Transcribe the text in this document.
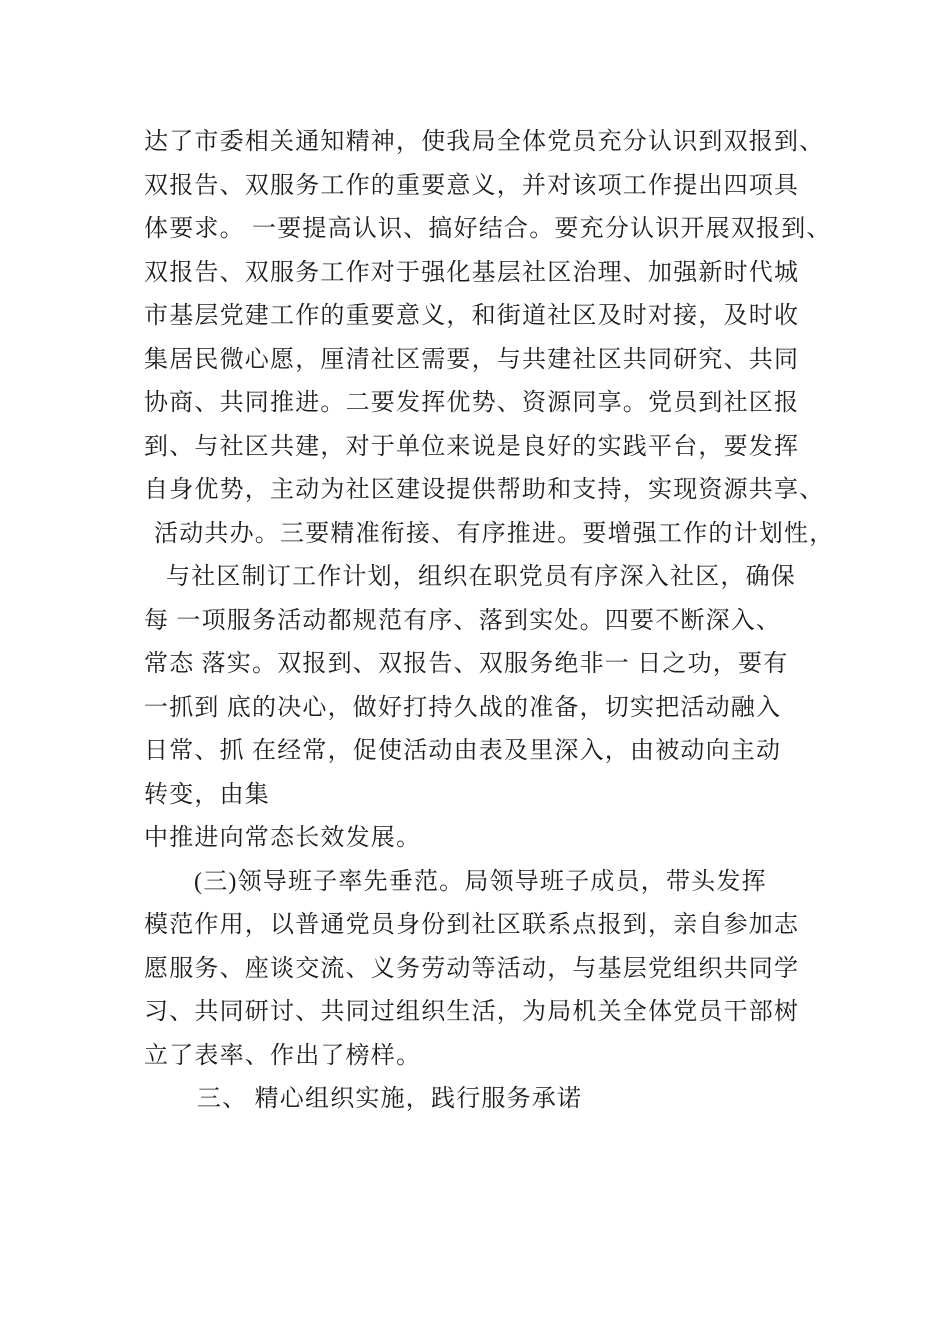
达了市委相关通知精神，使我局全体党员充分认识到双报到、
双报告、双服务工作的重要意义，并对该项工作提出四项具
体要求。 一要提高认识、搞好结合。要充分认识开展双报到、
双报告、双服务工作对于强化基层社区治理、加强新时代城
市基层党建工作的重要意义，和街道社区及时对接，及时收
集居民微心愿，厘清社区需要，与共建社区共同研究、共同
协商、共同推进。二要发挥优势、资源同享。党员到社区报
到、与社区共建，对于单位来说是良好的实践平台，要发挥
自身优势，主动为社区建设提供帮助和支持，实现资源共享、
活动共办。三要精准衔接、有序推进。要增强工作的计划性，
与社区制订工作计划，组织在职党员有序深入社区，确保
每 一项服务活动都规范有序、落到实处。四要不断深入、
常态 落实。双报到、双报告、双服务绝非一 日之功，要有
一抓到 底的决心，做好打持久战的准备，切实把活动融入
日常、抓 在经常，促使活动由表及里深入，由被动向主动
转变，由集
中推进向常态长效发展。
(三)领导班子率先垂范。局领导班子成员，带头发挥
模范作用，以普通党员身份到社区联系点报到，亲自参加志
愿服务、座谈交流、义务劳动等活动，与基层党组织共同学
习、共同研讨、共同过组织生活，为局机关全体党员干部树
立了表率、作出了榜样。
三、 精心组织实施，践行服务承诺
